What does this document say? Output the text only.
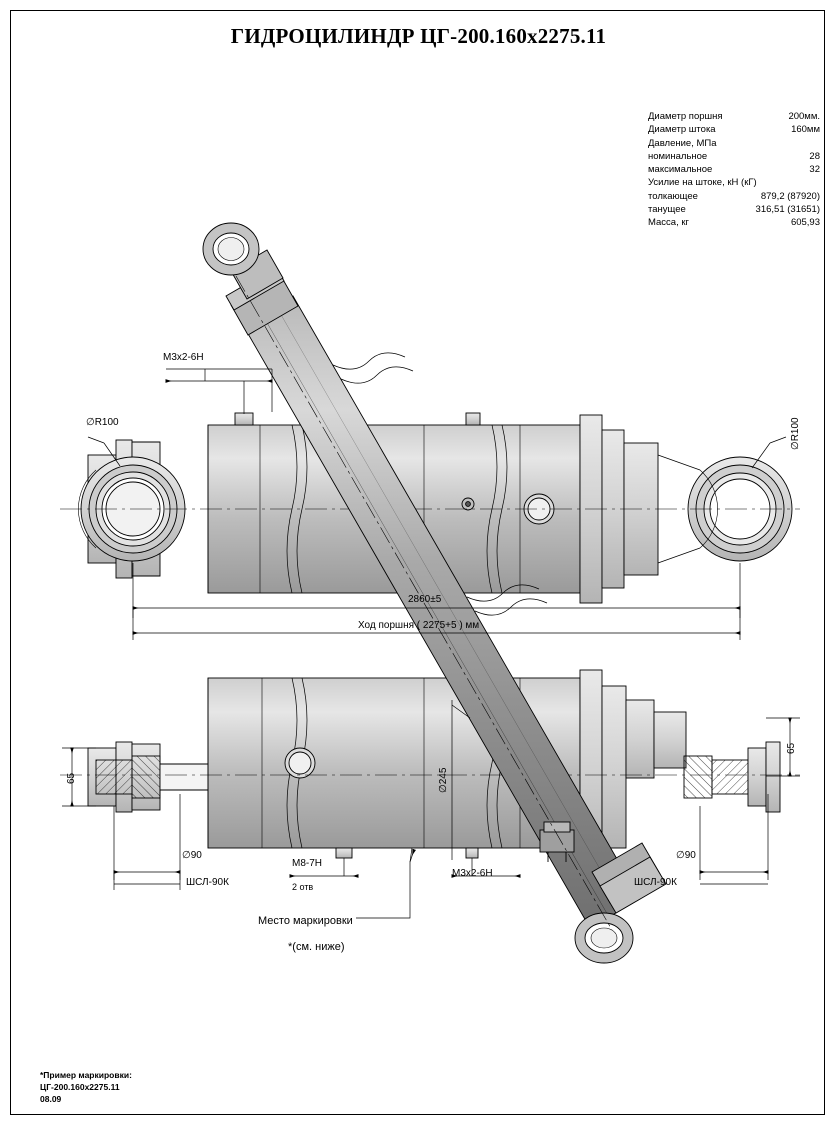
ГИДРОЦИЛИНДР ЦГ-200.160x2275.11
Диаметр поршня	200мм.
Диаметр штока	160мм
Давление, МПа
номинальное	28
максимальное	32
Усилие на штоке, кН (кГ)
толкающее	879,2 (87920)
танущее	316,51 (31651)
Масса, кг	605,93
М3х2-6Н
∅R100	∅R100
2860±5
Ход поршня ( 2275+5 ) мм
∅245
65
65
∅90
ШСЛ-90К
∅90
ШСЛ-90К
М8-7Н
2 отв
М3х2-6Н
Место маркировки
*(см. ниже)
*Пример маркировки:
ЦГ-200.160x2275.11
08.09
